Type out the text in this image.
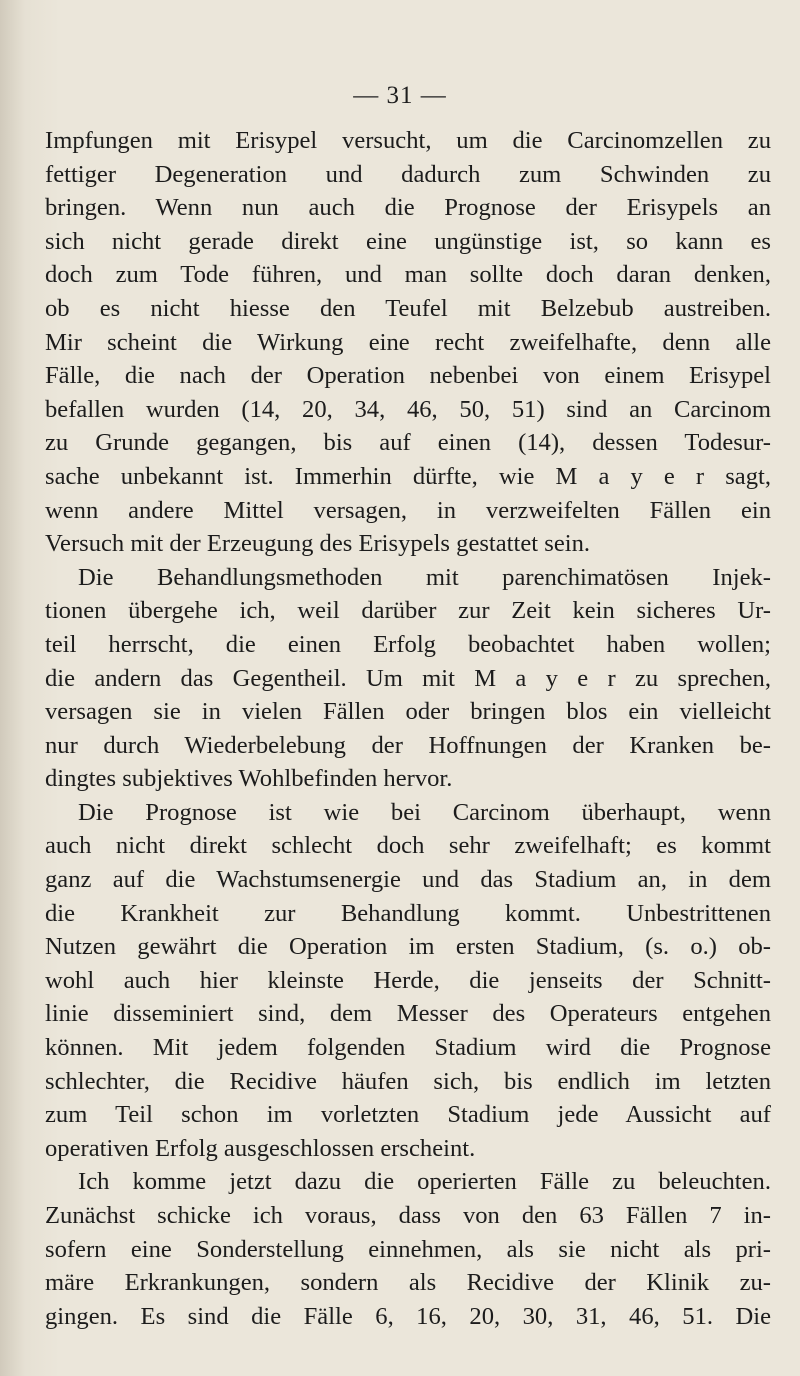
— 31 —
Impfungen mit Erisypel versucht, um die Carcinomzellen zu
fettiger Degeneration und dadurch zum Schwinden zu
bringen. Wenn nun auch die Prognose der Erisypels an
sich nicht gerade direkt eine ungünstige ist, so kann es
doch zum Tode führen, und man sollte doch daran denken,
ob es nicht hiesse den Teufel mit Belzebub austreiben.
Mir scheint die Wirkung eine recht zweifelhafte, denn alle
Fälle, die nach der Operation nebenbei von einem Erisypel
befallen wurden (14, 20, 34, 46, 50, 51) sind an Carcinom
zu Grunde gegangen, bis auf einen (14), dessen Todesur-
sache unbekannt ist. Immerhin dürfte, wie M a y e r sagt,
wenn andere Mittel versagen, in verzweifelten Fällen ein
Versuch mit der Erzeugung des Erisypels gestattet sein.
Die Behandlungsmethoden mit parenchimatösen Injek-
tionen übergehe ich, weil darüber zur Zeit kein sicheres Ur-
teil herrscht, die einen Erfolg beobachtet haben wollen;
die andern das Gegentheil. Um mit M a y e r zu sprechen,
versagen sie in vielen Fällen oder bringen blos ein vielleicht
nur durch Wiederbelebung der Hoffnungen der Kranken be-
dingtes subjektives Wohlbefinden hervor.
Die Prognose ist wie bei Carcinom überhaupt, wenn
auch nicht direkt schlecht doch sehr zweifelhaft; es kommt
ganz auf die Wachstumsenergie und das Stadium an, in dem
die Krankheit zur Behandlung kommt. Unbestrittenen
Nutzen gewährt die Operation im ersten Stadium, (s. o.) ob-
wohl auch hier kleinste Herde, die jenseits der Schnitt-
linie disseminiert sind, dem Messer des Operateurs entgehen
können. Mit jedem folgenden Stadium wird die Prognose
schlechter, die Recidive häufen sich, bis endlich im letzten
zum Teil schon im vorletzten Stadium jede Aussicht auf
operativen Erfolg ausgeschlossen erscheint.
Ich komme jetzt dazu die operierten Fälle zu beleuchten.
Zunächst schicke ich voraus, dass von den 63 Fällen 7 in-
sofern eine Sonderstellung einnehmen, als sie nicht als pri-
märe Erkrankungen, sondern als Recidive der Klinik zu-
gingen. Es sind die Fälle 6, 16, 20, 30, 31, 46, 51. Die
